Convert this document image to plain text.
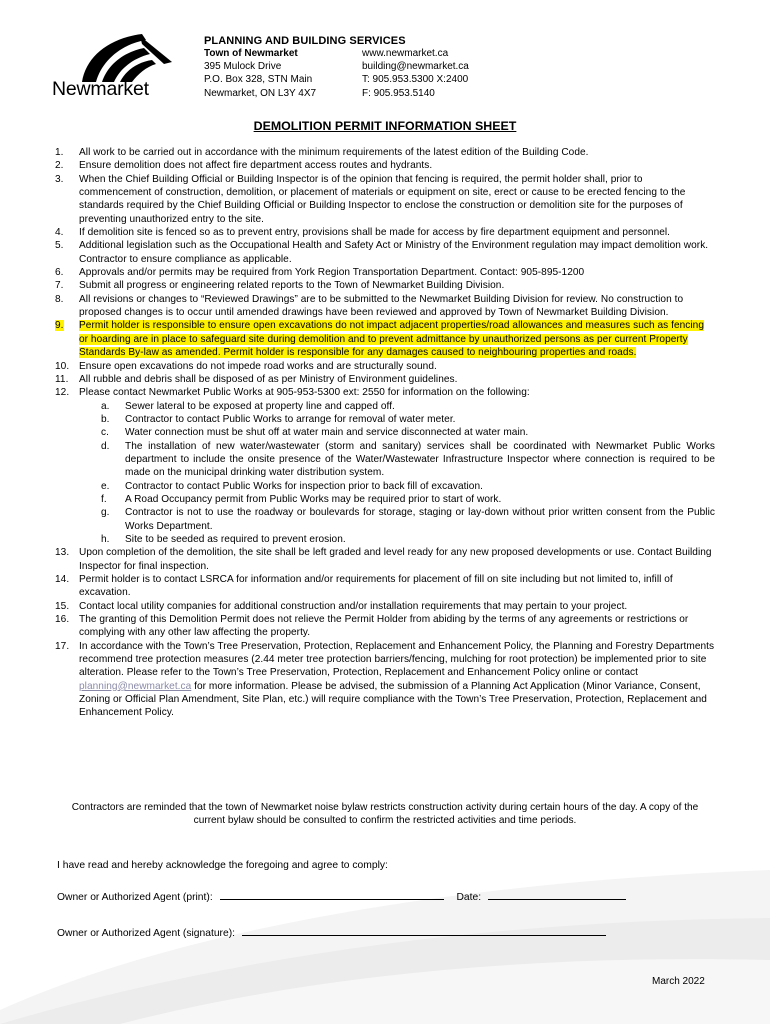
Newmarket
PLANNING AND BUILDING SERVICES
Town of Newmarket
395 Mulock Drive
P.O. Box 328, STN Main
Newmarket, ON L3Y 4X7
www.newmarket.ca
building@newmarket.ca
T: 905.953.5300 X:2400
F: 905.953.5140
DEMOLITION PERMIT INFORMATION SHEET
1.	All work to be carried out in accordance with the minimum requirements of the latest edition of the Building Code.
2.	Ensure demolition does not affect fire department access routes and hydrants.
3.	When the Chief Building Official or Building Inspector is of the opinion that fencing is required, the permit holder shall, prior to commencement of construction, demolition, or placement of materials or equipment on site, erect or cause to be erected fencing to the standards required by the Chief Building Official or Building Inspector to enclose the construction or demolition site for the purposes of preventing unauthorized entry to the site.
4.	If demolition site is fenced so as to prevent entry, provisions shall be made for access by fire department equipment and personnel.
5.	Additional legislation such as the Occupational Health and Safety Act or Ministry of the Environment regulation may impact demolition work. Contractor to ensure compliance as applicable.
6.	Approvals and/or permits may be required from York Region Transportation Department. Contact: 905-895-1200
7.	Submit all progress or engineering related reports to the Town of Newmarket Building Division.
8.	All revisions or changes to “Reviewed Drawings” are to be submitted to the Newmarket Building Division for review. No construction to proposed changes is to occur until amended drawings have been reviewed and approved by Town of Newmarket Building Division.
9.	Permit holder is responsible to ensure open excavations do not impact adjacent properties/road allowances and measures such as fencing or hoarding are in place to safeguard site during demolition and to prevent admittance by unauthorized persons as per current Property Standards By-law as amended. Permit holder is responsible for any damages caused to neighbouring properties and roads.
10. Ensure open excavations do not impede road works and are structurally sound.
11.	All rubble and debris shall be disposed of as per Ministry of Environment guidelines.
12. Please contact Newmarket Public Works at 905-953-5300 ext: 2550 for information on the following:
a.	Sewer lateral to be exposed at property line and capped off.
b.	Contractor to contact Public Works to arrange for removal of water meter.
c.	Water connection must be shut off at water main and service disconnected at water main.
d.	The installation of new water/wastewater (storm and sanitary) services shall be coordinated with Newmarket Public Works department to include the onsite presence of the Water/Wastewater Infrastructure Inspector where connection is required to be made on the municipal drinking water distribution system.
e.	Contractor to contact Public Works for inspection prior to back fill of excavation.
f.	A Road Occupancy permit from Public Works may be required prior to start of work.
g.	Contractor is not to use the roadway or boulevards for storage, staging or lay-down without prior written consent from the Public Works Department.
h.	Site to be seeded as required to prevent erosion.
13. Upon completion of the demolition, the site shall be left graded and level ready for any new proposed developments or use. Contact Building Inspector for final inspection.
14. Permit holder is to contact LSRCA for information and/or requirements for placement of fill on site including but not limited to, infill of excavation.
15. Contact local utility companies for additional construction and/or installation requirements that may pertain to your project.
16. The granting of this Demolition Permit does not relieve the Permit Holder from abiding by the terms of any agreements or restrictions or complying with any other law affecting the property.
17. In accordance with the Town’s Tree Preservation, Protection, Replacement and Enhancement Policy, the Planning and Forestry Departments recommend tree protection measures (2.44 meter tree protection barriers/fencing, mulching for root protection) be implemented prior to site alteration. Please refer to the Town’s Tree Preservation, Protection, Replacement and Enhancement Policy online or contact planning@newmarket.ca for more information. Please be advised, the submission of a Planning Act Application (Minor Variance, Consent, Zoning or Official Plan Amendment, Site Plan, etc.) will require compliance with the Town’s Tree Preservation, Protection, Replacement and Enhancement Policy.
Contractors are reminded that the town of Newmarket noise bylaw restricts construction activity during certain hours of the day. A copy of the current bylaw should be consulted to confirm the restricted activities and time periods.
I have read and hereby acknowledge the foregoing and agree to comply:
Owner or Authorized Agent (print):	Date:
Owner or Authorized Agent (signature):
March 2022
